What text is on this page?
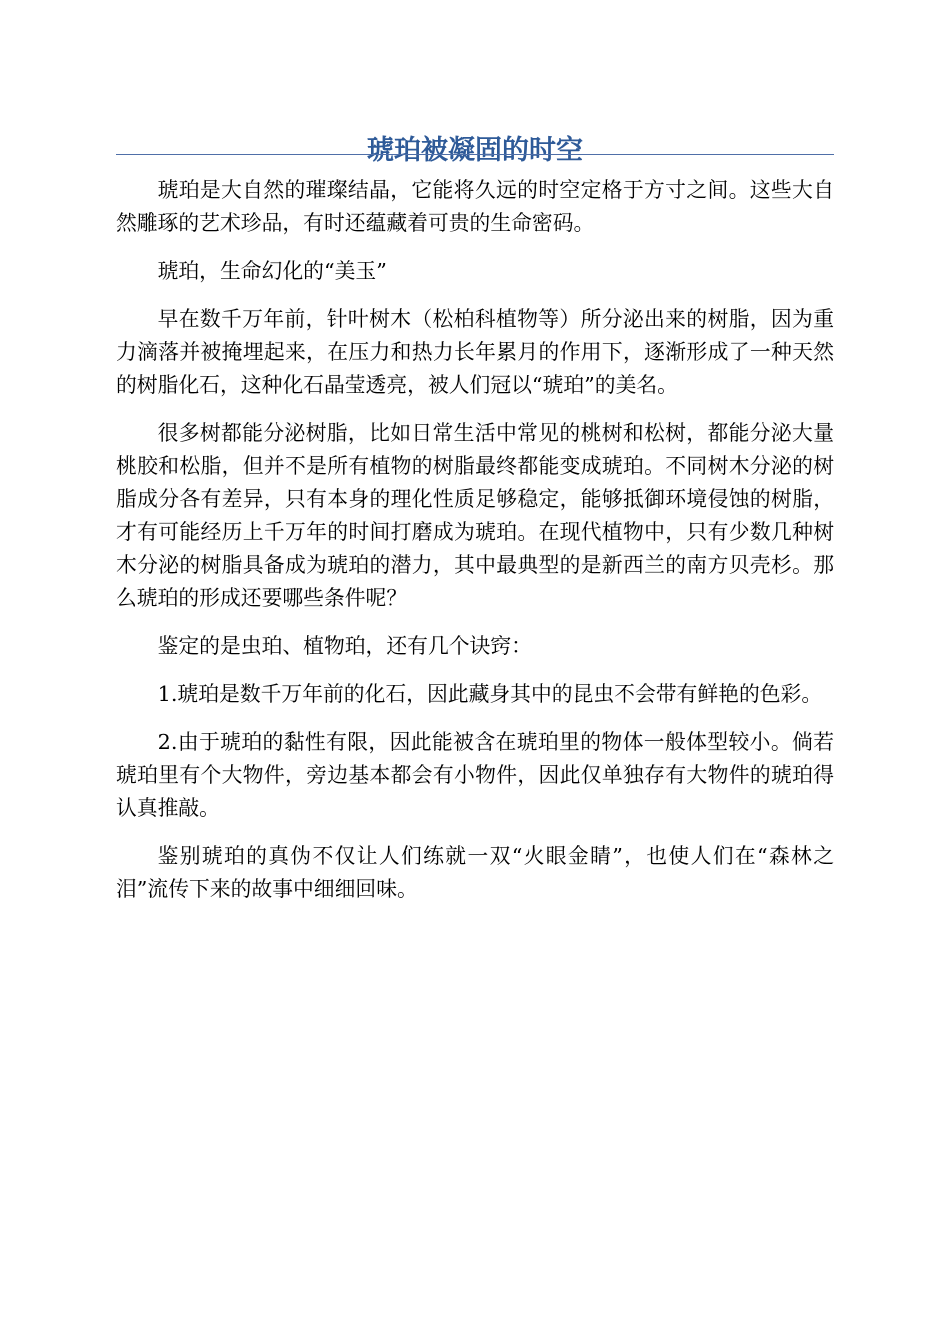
琥珀被凝固的时空

琥珀是大自然的璀璨结晶，它能将久远的时空定格于方寸之间。这些大自然雕琢的艺术珍品，有时还蕴藏着可贵的生命密码。

琥珀，生命幻化的“美玉”

早在数千万年前，针叶树木（松柏科植物等）所分泌出来的树脂，因为重力滴落并被掩埋起来，在压力和热力长年累月的作用下，逐渐形成了一种天然的树脂化石，这种化石晶莹透亮，被人们冠以“琥珀”的美名。

很多树都能分泌树脂，比如日常生活中常见的桃树和松树，都能分泌大量桃胶和松脂，但并不是所有植物的树脂最终都能变成琥珀。不同树木分泌的树脂成分各有差异，只有本身的理化性质足够稳定，能够抵御环境侵蚀的树脂，才有可能经历上千万年的时间打磨成为琥珀。在现代植物中，只有少数几种树木分泌的树脂具备成为琥珀的潜力，其中最典型的是新西兰的南方贝壳杉。那么琥珀的形成还要哪些条件呢？

鉴定的是虫珀、植物珀，还有几个诀窍：

1.琥珀是数千万年前的化石，因此藏身其中的昆虫不会带有鲜艳的色彩。

2.由于琥珀的黏性有限，因此能被含在琥珀里的物体一般体型较小。倘若琥珀里有个大物件，旁边基本都会有小物件，因此仅单独存有大物件的琥珀得认真推敲。

鉴别琥珀的真伪不仅让人们练就一双“火眼金睛”，也使人们在“森林之泪”流传下来的故事中细细回味。
